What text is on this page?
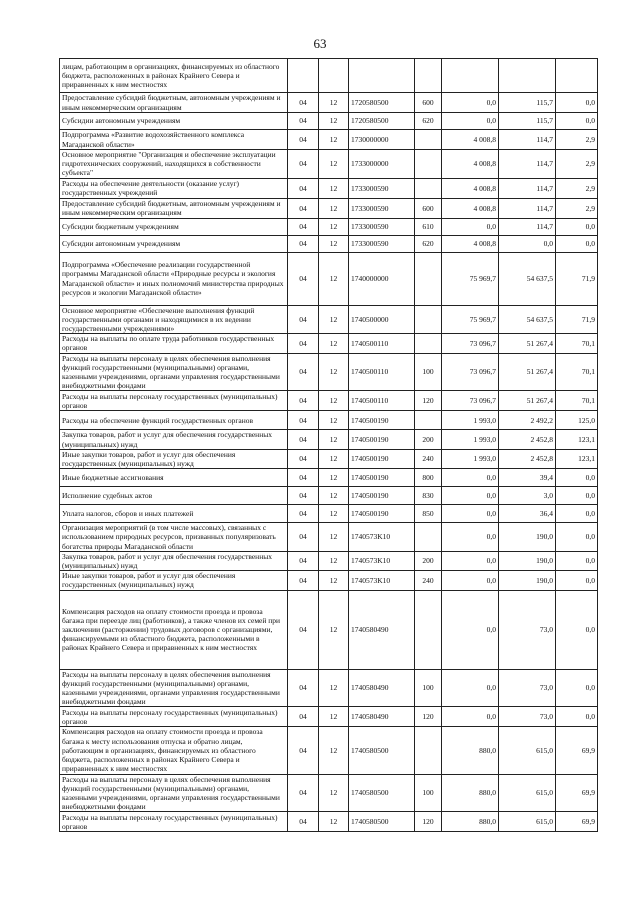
63
лицам, работающим в организациях, финансируемых из областного бюджета, расположенных в районах Крайнего Севера и приравненных к ним местностях							
Предоставление субсидий бюджетным, автономным учреждениям и иным некоммерческим организациям	04	12	1720580500	600	0,0	115,7	0,0
Субсидии автономным учреждениям	04	12	1720580500	620	0,0	115,7	0,0
Подпрограмма «Развитие водохозяйственного комплекса Магаданской области»	04	12	1730000000		4 008,8	114,7	2,9
Основное мероприятие "Организация и обеспечение эксплуатации гидротехнических сооружений, находящихся в собственности субъекта"	04	12	1733000000		4 008,8	114,7	2,9
Расходы на обеспечение деятельности (оказание услуг) государственных учреждений	04	12	1733000590		4 008,8	114,7	2,9
Предоставление субсидий бюджетным, автономным учреждениям и иным некоммерческим организациям	04	12	1733000590	600	4 008,8	114,7	2,9
Субсидии бюджетным учреждениям	04	12	1733000590	610	0,0	114,7	0,0
Субсидии автономным учреждениям	04	12	1733000590	620	4 008,8	0,0	0,0
Подпрограмма «Обеспечение реализации государственной программы Магаданской области «Природные ресурсы и экология Магаданской области» и иных полномочий министерства природных ресурсов и экологии Магаданской области»	04	12	1740000000		75 969,7	54 637,5	71,9
Основное мероприятие «Обеспечение выполнения функций государственными органами и находящимися в их ведении государственными учреждениями»	04	12	1740500000		75 969,7	54 637,5	71,9
Расходы на выплаты по оплате труда работников государственных органов	04	12	1740500110		73 096,7	51 267,4	70,1
Расходы на выплаты персоналу в целях обеспечения выполнения функций государственными (муниципальными) органами, казенными учреждениями, органами управления государственными внебюджетными фондами	04	12	1740500110	100	73 096,7	51 267,4	70,1
Расходы на выплаты персоналу государственных (муниципальных) органов	04	12	1740500110	120	73 096,7	51 267,4	70,1
Расходы на обеспечение функций государственных органов	04	12	1740500190		1 993,0	2 492,2	125,0
Закупка товаров, работ и услуг для обеспечения государственных (муниципальных) нужд	04	12	1740500190	200	1 993,0	2 452,8	123,1
Иные закупки товаров, работ и услуг для обеспечения государственных (муниципальных) нужд	04	12	1740500190	240	1 993,0	2 452,8	123,1
Иные бюджетные ассигнования	04	12	1740500190	800	0,0	39,4	0,0
Исполнение судебных актов	04	12	1740500190	830	0,0	3,0	0,0
Уплата налогов, сборов и иных платежей	04	12	1740500190	850	0,0	36,4	0,0
Организация мероприятий (в том числе массовых), связанных с использованием природных ресурсов, призванных популяризовать богатства природы Магаданской области	04	12	1740573K10		0,0	190,0	0,0
Закупка товаров, работ и услуг для обеспечения государственных (муниципальных) нужд	04	12	1740573K10	200	0,0	190,0	0,0
Иные закупки товаров, работ и услуг для обеспечения государственных (муниципальных) нужд	04	12	1740573K10	240	0,0	190,0	0,0
Компенсация расходов на оплату стоимости проезда и провоза багажа при переезде лиц (работников), а также членов их семей при заключении (расторжении) трудовых договоров с организациями, финансируемыми из областного бюджета, расположенными в районах Крайнего Севера и приравненных к ним местностях	04	12	1740580490		0,0	73,0	0,0
Расходы на выплаты персоналу в целях обеспечения выполнения функций государственными (муниципальными) органами, казенными учреждениями, органами управления государственными внебюджетными фондами	04	12	1740580490	100	0,0	73,0	0,0
Расходы на выплаты персоналу государственных (муниципальных) органов	04	12	1740580490	120	0,0	73,0	0,0
Компенсация расходов на оплату стоимости проезда и провоза багажа к месту использования отпуска и обратно лицам, работающим в организациях, финансируемых из областного бюджета, расположенных в районах Крайнего Севера и приравненных к ним местностях	04	12	1740580500		880,0	615,0	69,9
Расходы на выплаты персоналу в целях обеспечения выполнения функций государственными (муниципальными) органами, казенными учреждениями, органами управления государственными внебюджетными фондами	04	12	1740580500	100	880,0	615,0	69,9
Расходы на выплаты персоналу государственных (муниципальных) органов	04	12	1740580500	120	880,0	615,0	69,9
